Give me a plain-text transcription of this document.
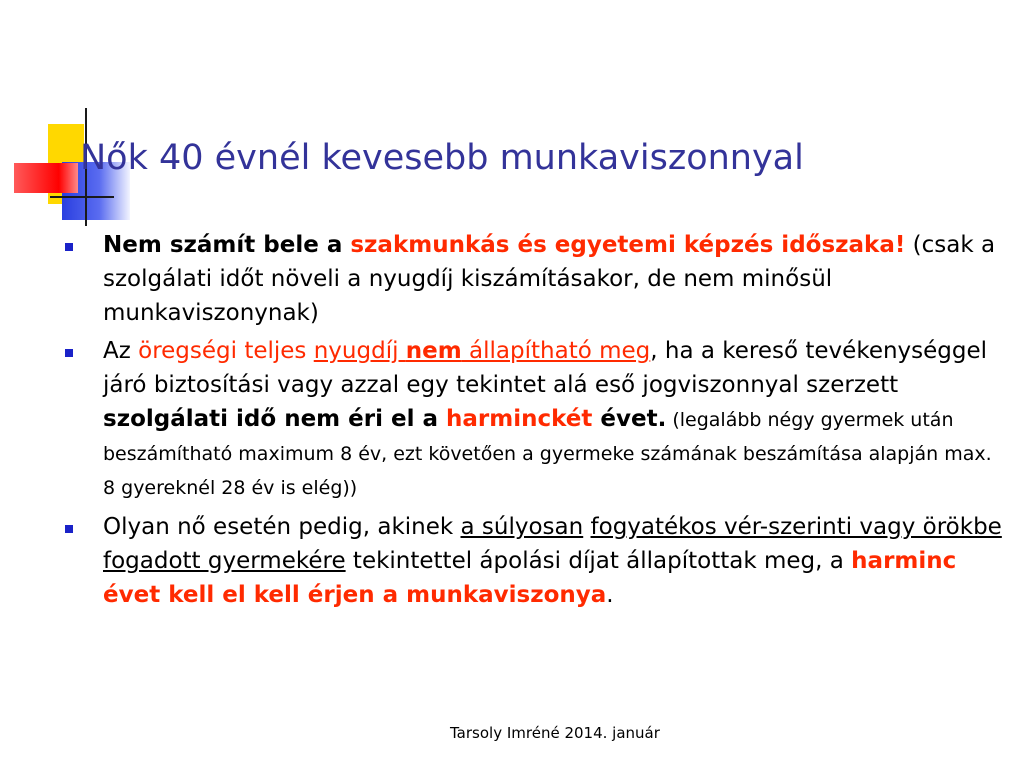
Nők 40 évnél kevesebb munkaviszonnyal
Nem számít bele a szakmunkás és egyetemi képzés időszaka! (csak a szolgálati időt növeli a nyugdíj kiszámításakor, de nem minősül munkaviszonynak)
Az öregségi teljes nyugdíj nem állapítható meg, ha a kereső tevékenységgel járó biztosítási vagy azzal egy tekintet alá eső jogviszonnyal szerzett szolgálati idő nem éri el a harminckét évet. (legalább négy gyermek után beszámítható maximum 8 év, ezt követően a gyermeke számának beszámítása alapján max. 8 gyereknél 28 év is elég))
Olyan nő esetén pedig, akinek a súlyosan fogyatékos vér-szerinti vagy örökbe fogadott gyermekére tekintettel ápolási díjat állapítottak meg, a harminc évet kell el kell érjen a munkaviszonya.
Tarsoly Imréné 2014. január
